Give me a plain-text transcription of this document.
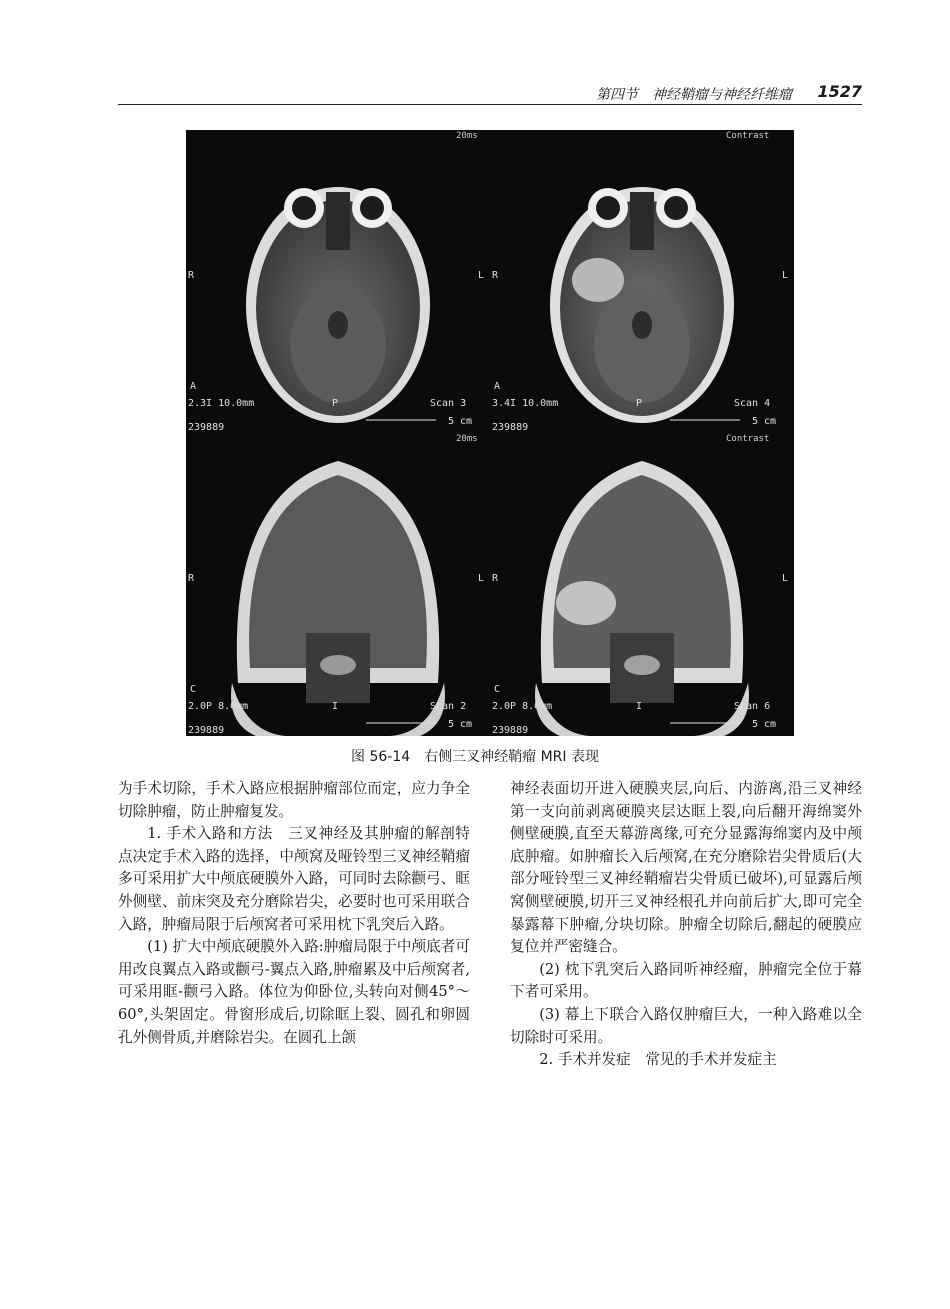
第四节　神经鞘瘤与神经纤维瘤 1527
R	L
A
2.3I 10.0mm	P	Scan 3
5 cm
239889
20ms
R	L
A
3.4I 10.0mm	P	Scan 4
5 cm
239889
Contrast
R	L
C
2.0P 8.0mm	I	Scan 2
5 cm
239889
20ms
R	L
C
2.0P 8.0mm	I	Scan 6
5 cm
239889
Contrast
图 56-14　右侧三叉神经鞘瘤 MRI 表现

为手术切除，手术入路应根据肿瘤部位而定，应力争全切除肿瘤，防止肿瘤复发。

1. 手术入路和方法　三叉神经及其肿瘤的解剖特点决定手术入路的选择，中颅窝及哑铃型三叉神经鞘瘤多可采用扩大中颅底硬膜外入路，可同时去除颧弓、眶外侧壁、前床突及充分磨除岩尖，必要时也可采用联合入路，肿瘤局限于后颅窝者可采用枕下乳突后入路。

(1) 扩大中颅底硬膜外入路:肿瘤局限于中颅底者可用改良翼点入路或颧弓-翼点入路,肿瘤累及中后颅窝者,可采用眶-颧弓入路。体位为仰卧位,头转向对侧45°～60°,头架固定。骨窗形成后,切除眶上裂、圆孔和卵圆孔外侧骨质,并磨除岩尖。在圆孔上颌

神经表面切开进入硬膜夹层,向后、内游离,沿三叉神经第一支向前剥离硬膜夹层达眶上裂,向后翻开海绵窦外侧壁硬膜,直至天幕游离缘,可充分显露海绵窦内及中颅底肿瘤。如肿瘤长入后颅窝,在充分磨除岩尖骨质后(大部分哑铃型三叉神经鞘瘤岩尖骨质已破坏),可显露后颅窝侧壁硬膜,切开三叉神经根孔并向前后扩大,即可完全暴露幕下肿瘤,分块切除。肿瘤全切除后,翻起的硬膜应复位并严密缝合。

(2) 枕下乳突后入路同听神经瘤，肿瘤完全位于幕下者可采用。

(3) 幕上下联合入路仅肿瘤巨大，一种入路难以全切除时可采用。

2. 手术并发症　常见的手术并发症主
